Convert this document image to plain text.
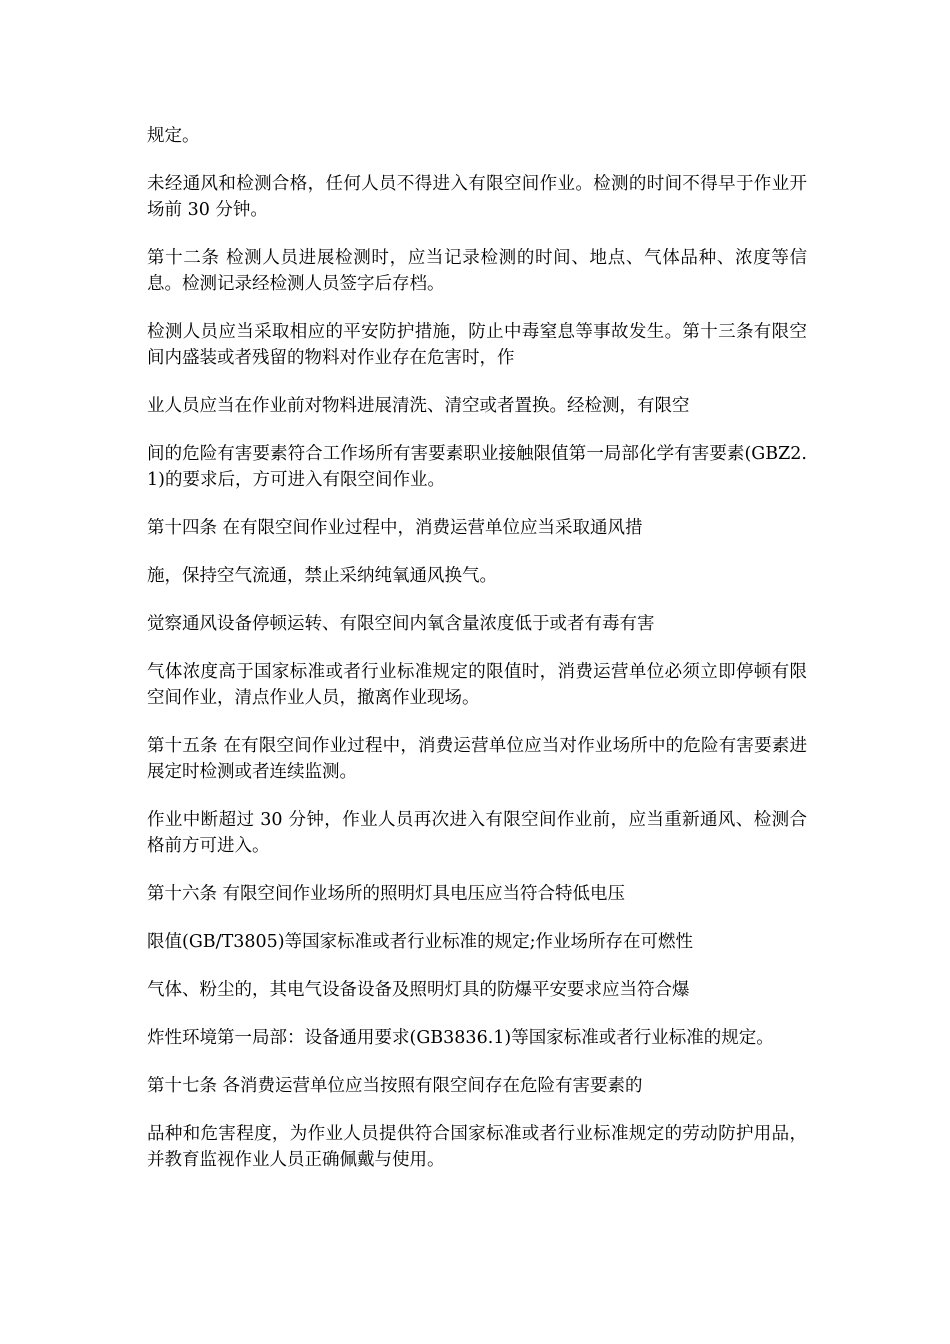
规定。

未经通风和检测合格，任何人员不得进入有限空间作业。检测的时间不得早于作业开场前 30 分钟。

第十二条 检测人员进展检测时，应当记录检测的时间、地点、气体品种、浓度等信息。检测记录经检测人员签字后存档。

检测人员应当采取相应的平安防护措施，防止中毒窒息等事故发生。第十三条有限空间内盛装或者残留的物料对作业存在危害时，作

业人员应当在作业前对物料进展清洗、清空或者置换。经检测，有限空

间的危险有害要素符合工作场所有害要素职业接触限值第一局部化学有害要素(GBZ2.1)的要求后，方可进入有限空间作业。

第十四条 在有限空间作业过程中，消费运营单位应当采取通风措

施，保持空气流通，禁止采纳纯氧通风换气。

觉察通风设备停顿运转、有限空间内氧含量浓度低于或者有毒有害

气体浓度高于国家标准或者行业标准规定的限值时，消费运营单位必须立即停顿有限空间作业，清点作业人员，撤离作业现场。

第十五条 在有限空间作业过程中，消费运营单位应当对作业场所中的危险有害要素进展定时检测或者连续监测。

作业中断超过 30 分钟，作业人员再次进入有限空间作业前，应当重新通风、检测合格前方可进入。

第十六条 有限空间作业场所的照明灯具电压应当符合特低电压

限值(GB/T3805)等国家标准或者行业标准的规定;作业场所存在可燃性

气体、粉尘的，其电气设备设备及照明灯具的防爆平安要求应当符合爆

炸性环境第一局部：设备通用要求(GB3836.1)等国家标准或者行业标准的规定。

第十七条 各消费运营单位应当按照有限空间存在危险有害要素的

品种和危害程度，为作业人员提供符合国家标准或者行业标准规定的劳动防护用品，并教育监视作业人员正确佩戴与使用。
